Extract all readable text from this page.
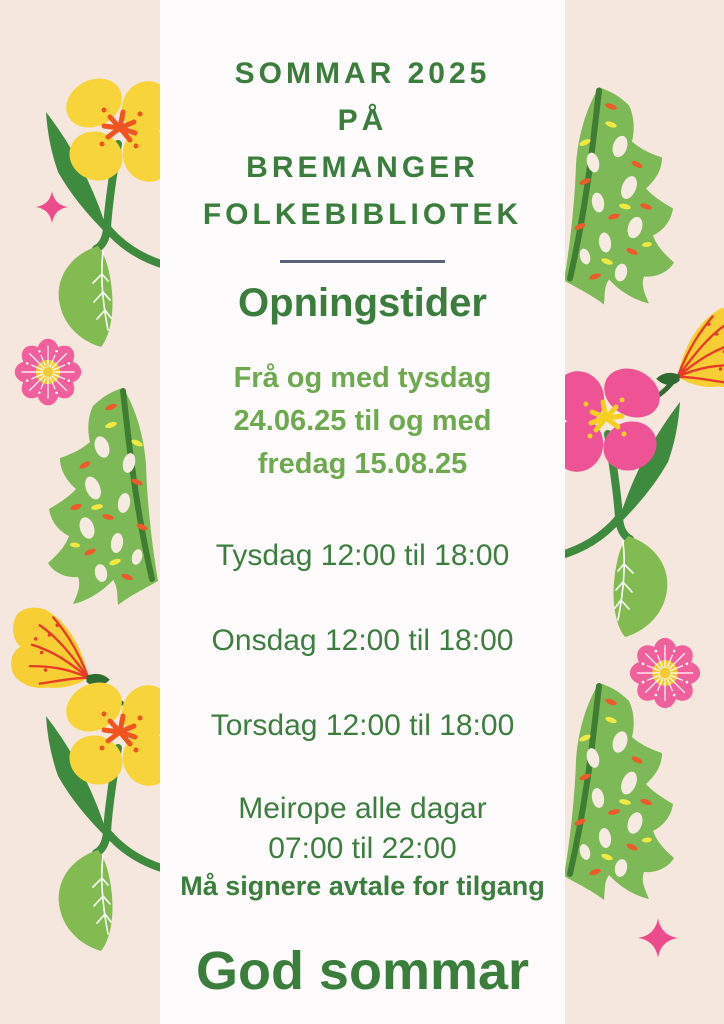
SOMMAR 2025
PÅ
BREMANGER
FOLKEBIBLIOTEK
Opningstider
Frå og med tysdag
24.06.25 til og med
fredag 15.08.25
Tysdag 12:00 til 18:00
Onsdag 12:00 til 18:00
Torsdag 12:00 til 18:00
Meirope alle dagar
07:00 til 22:00
Må signere avtale for tilgang
God sommar
